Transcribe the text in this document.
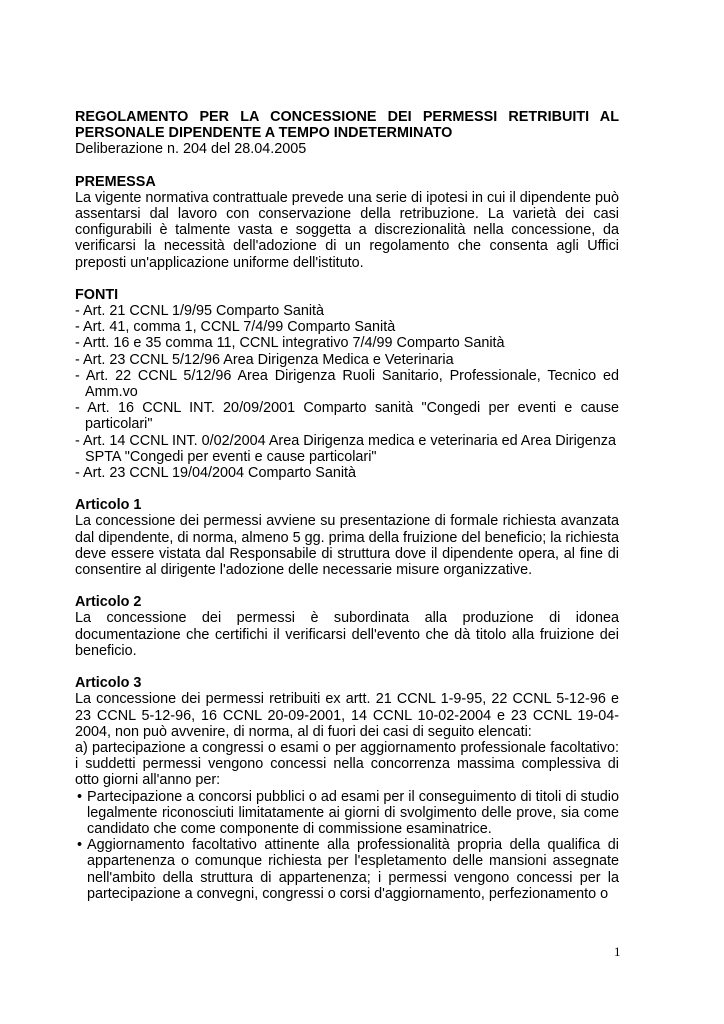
REGOLAMENTO PER LA CONCESSIONE DEI PERMESSI RETRIBUITI AL PERSONALE DIPENDENTE A TEMPO INDETERMINATO

Deliberazione n. 204 del 28.04.2005

PREMESSA

La vigente normativa contrattuale prevede una serie di ipotesi in cui il dipendente può assentarsi dal lavoro con conservazione della retribuzione. La varietà dei casi configurabili è talmente vasta e soggetta a discrezionalità nella concessione, da verificarsi la necessità dell'adozione di un regolamento che consenta agli Uffici preposti un'applicazione uniforme dell'istituto.

FONTI

- Art. 21 CCNL 1/9/95 Comparto Sanità

- Art. 41, comma 1, CCNL 7/4/99 Comparto Sanità

- Artt. 16 e 35 comma 11, CCNL integrativo 7/4/99 Comparto Sanità

- Art. 23 CCNL 5/12/96 Area Dirigenza Medica e Veterinaria

- Art. 22 CCNL 5/12/96 Area Dirigenza Ruoli Sanitario, Professionale, Tecnico ed Amm.vo

- Art. 16 CCNL INT. 20/09/2001 Comparto sanità "Congedi per eventi e cause particolari"

- Art. 14 CCNL INT. 0/02/2004 Area Dirigenza medica e veterinaria ed Area Dirigenza SPTA "Congedi per eventi e cause particolari"

- Art. 23 CCNL 19/04/2004 Comparto Sanità

Articolo 1

La concessione dei permessi avviene su presentazione di formale richiesta avanzata dal dipendente, di norma, almeno 5 gg. prima della fruizione del beneficio; la richiesta deve essere vistata dal Responsabile di struttura dove il dipendente opera, al fine di consentire al dirigente l'adozione delle necessarie misure organizzative.

Articolo 2

La concessione dei permessi è subordinata alla produzione di idonea documentazione che certifichi il verificarsi dell'evento che dà titolo alla fruizione dei beneficio.

Articolo 3

La concessione dei permessi retribuiti ex artt. 21 CCNL 1-9-95, 22 CCNL 5-12-96 e 23 CCNL 5-12-96, 16 CCNL 20-09-2001, 14 CCNL 10-02-2004 e 23 CCNL 19-04-2004, non può avvenire, di norma, al di fuori dei casi di seguito elencati:

a) partecipazione a congressi o esami o per aggiornamento professionale facoltativo: i suddetti permessi vengono concessi nella concorrenza massima complessiva di otto giorni all'anno per:

• Partecipazione a concorsi pubblici o ad esami per il conseguimento di titoli di studio legalmente riconosciuti limitatamente ai giorni di svolgimento delle prove, sia come candidato che come componente di commissione esaminatrice.
• Aggiornamento facoltativo attinente alla professionalità propria della qualifica di appartenenza o comunque richiesta per l'espletamento delle mansioni assegnate nell'ambito della struttura di appartenenza; i permessi vengono concessi per la partecipazione a convegni, congressi o corsi d'aggiornamento, perfezionamento o
1
